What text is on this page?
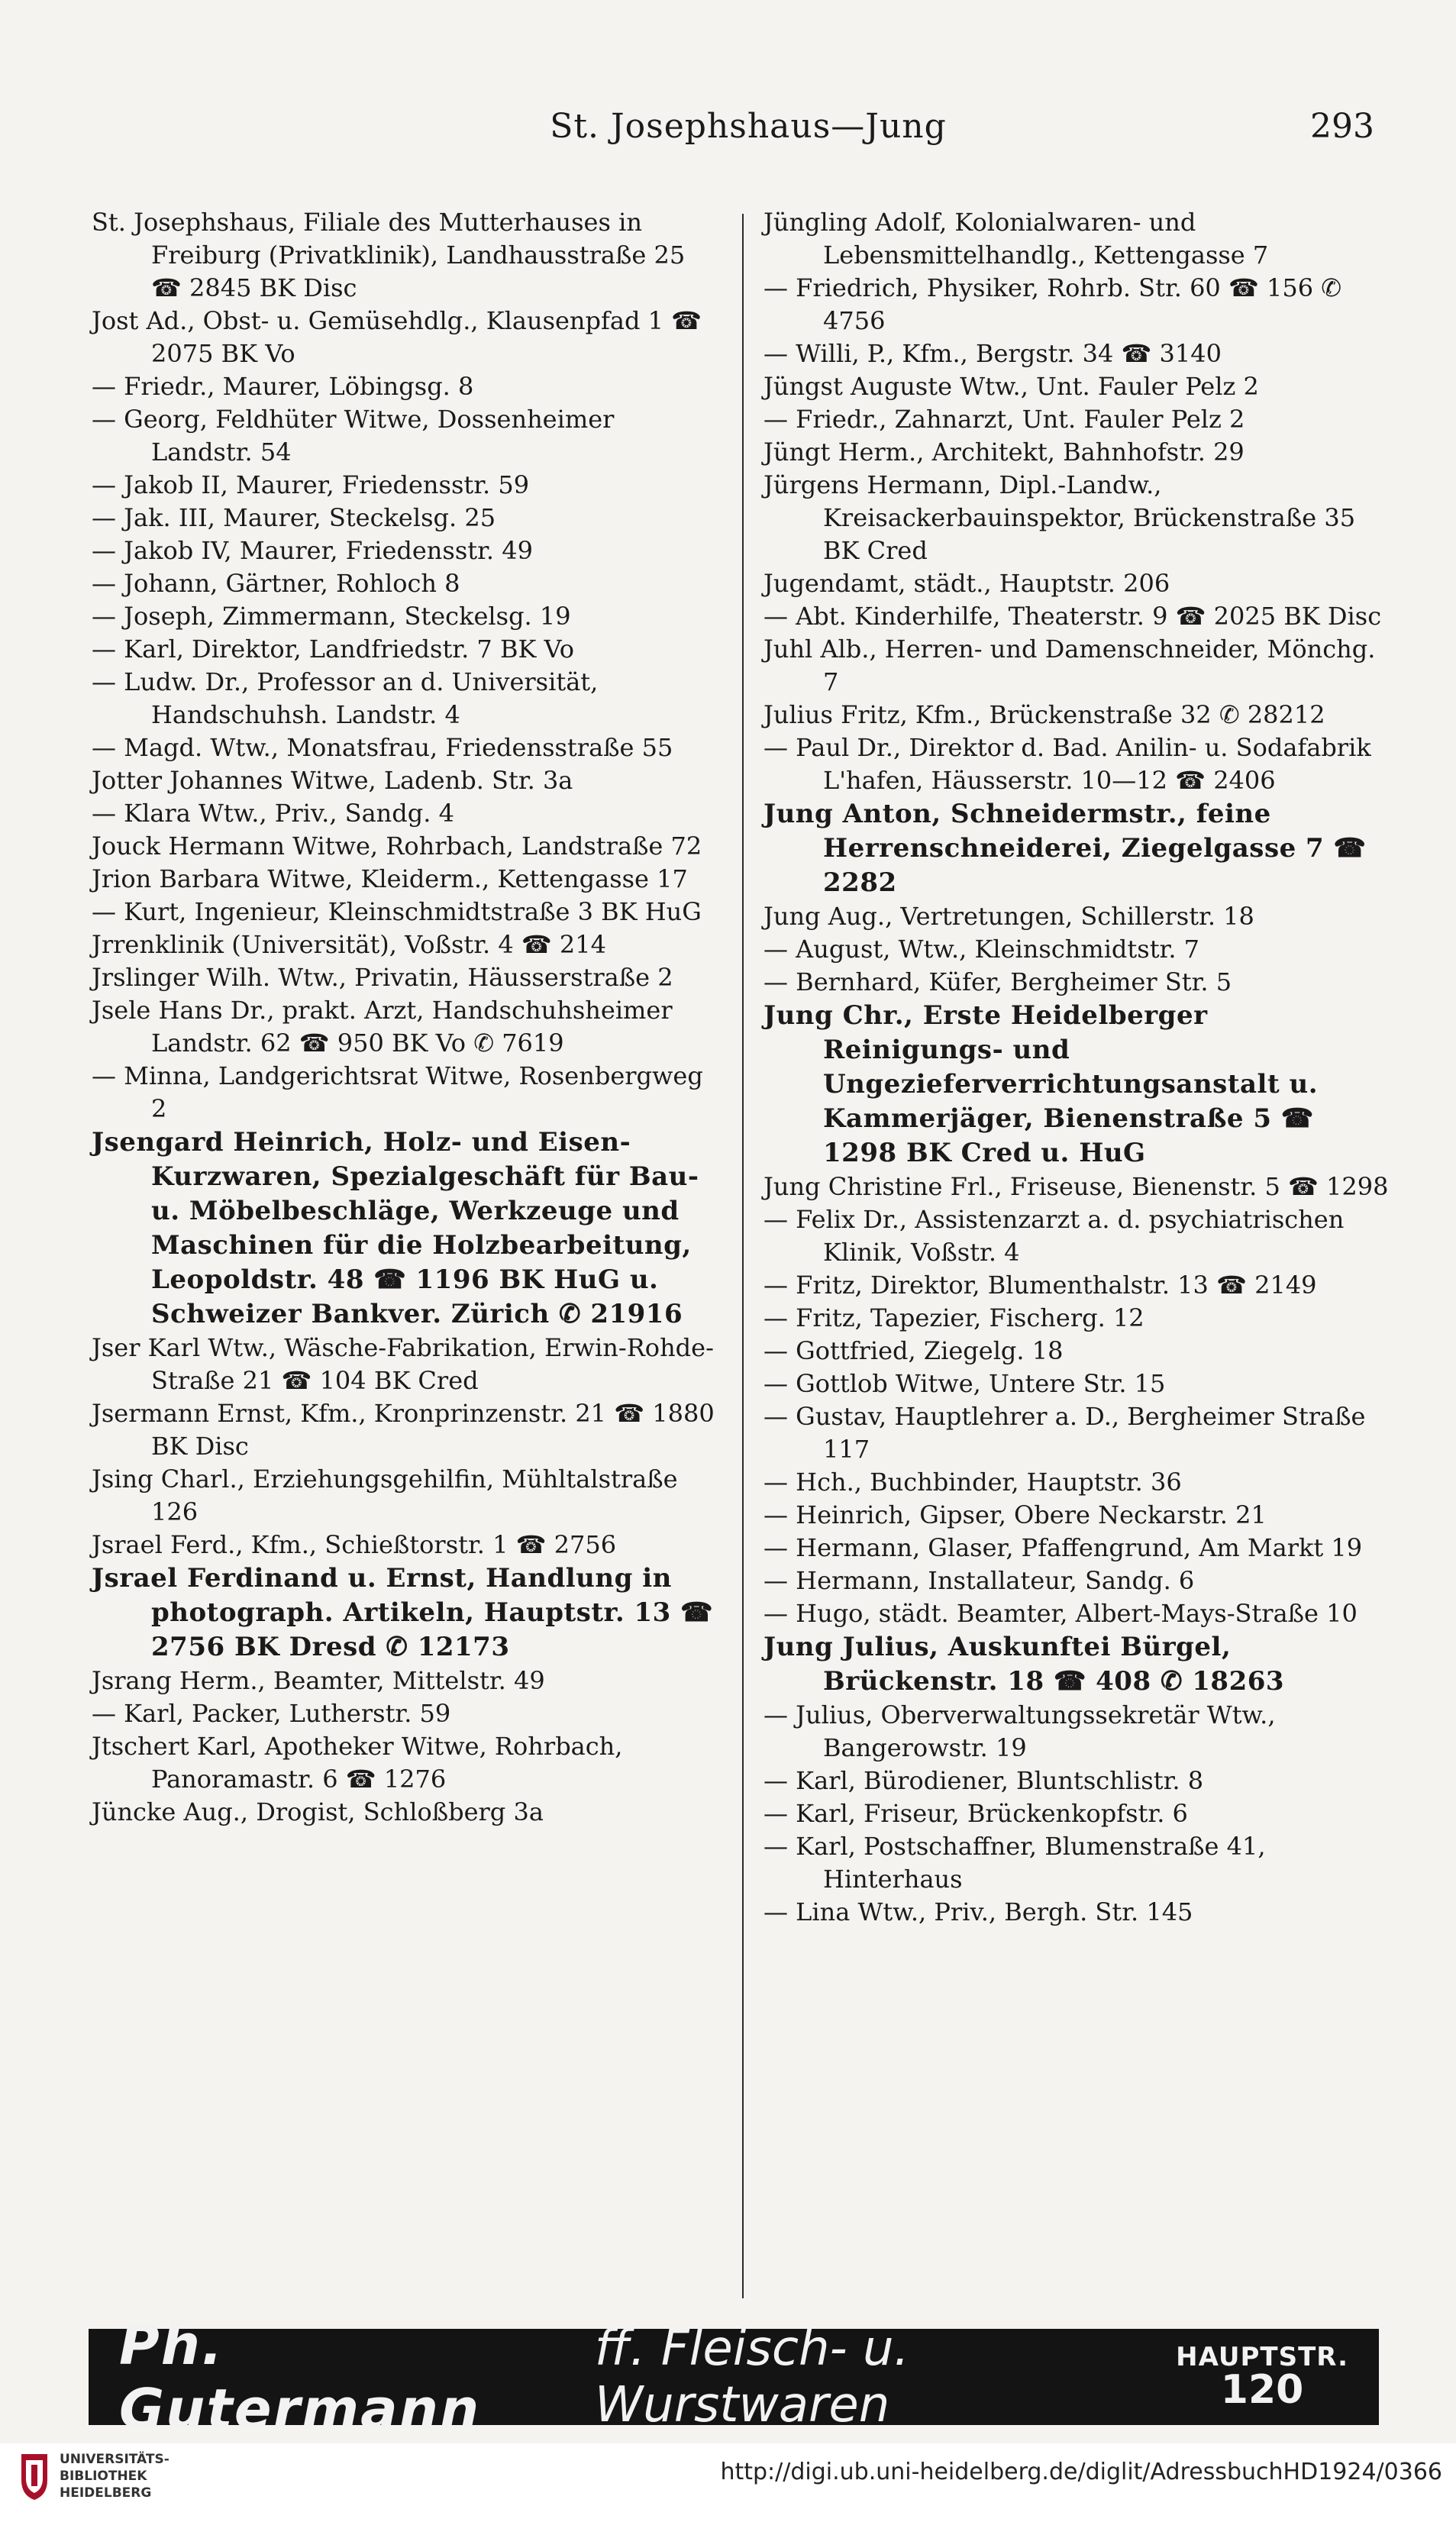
St. Josephshaus—Jung	293

St. Josephshaus, Filiale des Mutterhauses in Freiburg (Privatklinik), Landhausstraße 25 ☎ 2845 BK Disc

Jost Ad., Obst- u. Gemüsehdlg., Klausenpfad 1 ☎ 2075 BK Vo

— Friedr., Maurer, Löbingsg. 8

— Georg, Feldhüter Witwe, Dossenheimer Landstr. 54

— Jakob II, Maurer, Friedensstr. 59

— Jak. III, Maurer, Steckelsg. 25

— Jakob IV, Maurer, Friedensstr. 49

— Johann, Gärtner, Rohloch 8

— Joseph, Zimmermann, Steckelsg. 19

— Karl, Direktor, Landfriedstr. 7 BK Vo

— Ludw. Dr., Professor an d. Universität, Handschuhsh. Landstr. 4

— Magd. Wtw., Monatsfrau, Friedensstraße 55

Jotter Johannes Witwe, Ladenb. Str. 3a

— Klara Wtw., Priv., Sandg. 4

Jouck Hermann Witwe, Rohrbach, Landstraße 72

Jrion Barbara Witwe, Kleiderm., Kettengasse 17

— Kurt, Ingenieur, Kleinschmidtstraße 3 BK HuG

Jrrenklinik (Universität), Voßstr. 4 ☎ 214

Jrslinger Wilh. Wtw., Privatin, Häusserstraße 2

Jsele Hans Dr., prakt. Arzt, Handschuhsheimer Landstr. 62 ☎ 950 BK Vo ✆ 7619

— Minna, Landgerichtsrat Witwe, Rosenbergweg 2

Jsengard Heinrich, Holz- und Eisen-Kurzwaren, Spezialgeschäft für Bau- u. Möbelbeschläge, Werkzeuge und Maschinen für die Holzbearbeitung, Leopoldstr. 48 ☎ 1196 BK HuG u. Schweizer Bankver. Zürich ✆ 21916

Jser Karl Wtw., Wäsche-Fabrikation, Erwin-Rohde-Straße 21 ☎ 104 BK Cred

Jsermann Ernst, Kfm., Kronprinzenstr. 21 ☎ 1880 BK Disc

Jsing Charl., Erziehungsgehilfin, Mühltalstraße 126

Jsrael Ferd., Kfm., Schießtorstr. 1 ☎ 2756

Jsrael Ferdinand u. Ernst, Handlung in photograph. Artikeln, Hauptstr. 13 ☎ 2756 BK Dresd ✆ 12173

Jsrang Herm., Beamter, Mittelstr. 49

— Karl, Packer, Lutherstr. 59

Jtschert Karl, Apotheker Witwe, Rohrbach, Panoramastr. 6 ☎ 1276

Jüncke Aug., Drogist, Schloßberg 3a

Jüngling Adolf, Kolonialwaren- und Lebensmittelhandlg., Kettengasse 7

— Friedrich, Physiker, Rohrb. Str. 60 ☎ 156 ✆ 4756

— Willi, P., Kfm., Bergstr. 34 ☎ 3140

Jüngst Auguste Wtw., Unt. Fauler Pelz 2

— Friedr., Zahnarzt, Unt. Fauler Pelz 2

Jüngt Herm., Architekt, Bahnhofstr. 29

Jürgens Hermann, Dipl.-Landw., Kreisackerbauinspektor, Brückenstraße 35 BK Cred

Jugendamt, städt., Hauptstr. 206

— Abt. Kinderhilfe, Theaterstr. 9 ☎ 2025 BK Disc

Juhl Alb., Herren- und Damenschneider, Mönchg. 7

Julius Fritz, Kfm., Brückenstraße 32 ✆ 28212

— Paul Dr., Direktor d. Bad. Anilin- u. Sodafabrik L'hafen, Häusserstr. 10—12 ☎ 2406

Jung Anton, Schneidermstr., feine Herrenschneiderei, Ziegelgasse 7 ☎ 2282

Jung Aug., Vertretungen, Schillerstr. 18

— August, Wtw., Kleinschmidtstr. 7

— Bernhard, Küfer, Bergheimer Str. 5

Jung Chr., Erste Heidelberger Reinigungs- und Ungezieferverrichtungsanstalt u. Kammerjäger, Bienenstraße 5 ☎ 1298 BK Cred u. HuG

Jung Christine Frl., Friseuse, Bienenstr. 5 ☎ 1298

— Felix Dr., Assistenzarzt a. d. psychiatrischen Klinik, Voßstr. 4

— Fritz, Direktor, Blumenthalstr. 13 ☎ 2149

— Fritz, Tapezier, Fischerg. 12

— Gottfried, Ziegelg. 18

— Gottlob Witwe, Untere Str. 15

— Gustav, Hauptlehrer a. D., Bergheimer Straße 117

— Hch., Buchbinder, Hauptstr. 36

— Heinrich, Gipser, Obere Neckarstr. 21

— Hermann, Glaser, Pfaffengrund, Am Markt 19

— Hermann, Installateur, Sandg. 6

— Hugo, städt. Beamter, Albert-Mays-Straße 10

Jung Julius, Auskunftei Bürgel, Brückenstr. 18 ☎ 408 ✆ 18263

— Julius, Oberverwaltungssekretär Wtw., Bangerowstr. 19

— Karl, Bürodiener, Bluntschlistr. 8

— Karl, Friseur, Brückenkopfstr. 6

— Karl, Postschaffner, Blumenstraße 41, Hinterhaus

— Lina Wtw., Priv., Bergh. Str. 145

Ph. Gutermann
ff. Fleisch- u. Wurstwaren
HAUPTSTR.
120
UNIVERSITÄTS-
BIBLIOTHEK
HEIDELBERG
http://digi.ub.uni-heidelberg.de/diglit/AdressbuchHD1924/0366
